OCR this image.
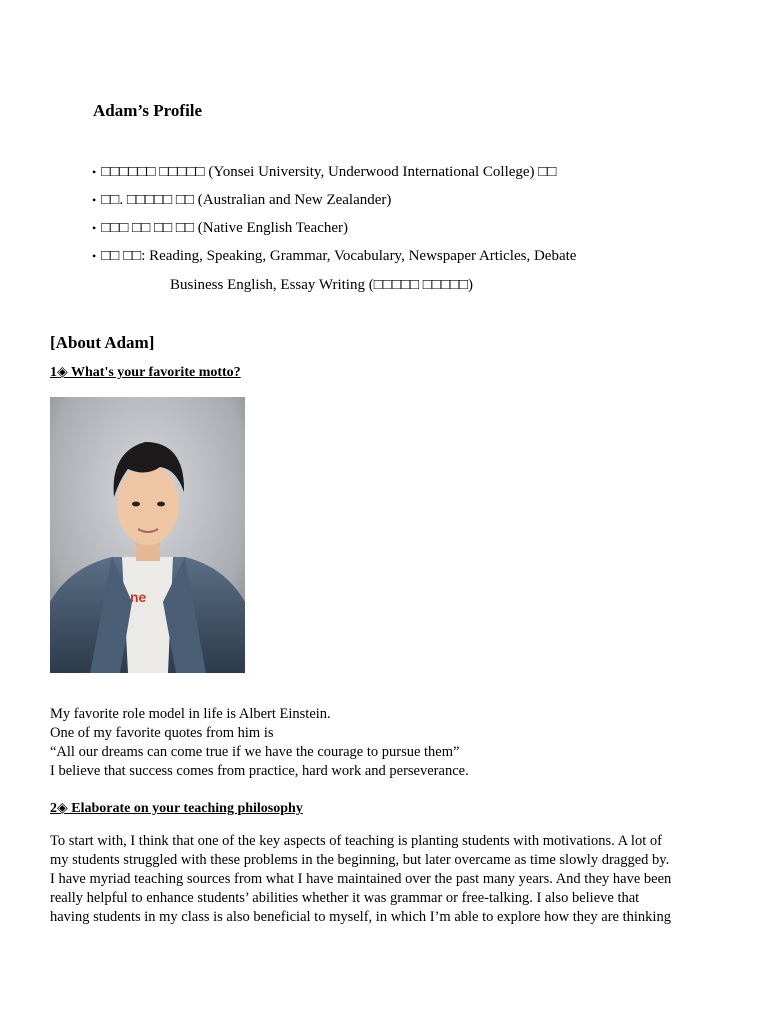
Adam’s Profile
• □□□□□□ □□□□□ (Yonsei University, Underwood International College) □□
• □□. □□□□□ □□ (Australian and New Zealander)
• □□□ □□ □□ □□ (Native English Teacher)
• □□ □□: Reading, Speaking, Grammar, Vocabulary, Newspaper Articles, Debate
Business English, Essay Writing (□□□□□ □□□□□)
[About Adam]
1◈ What's your favorite motto?
ne
My favorite role model in life is Albert Einstein.
One of my favorite quotes from him is
“All our dreams can come true if we have the courage to pursue them”
I believe that success comes from practice, hard work and perseverance.
2◈ Elaborate on your teaching philosophy
To start with, I think that one of the key aspects of teaching is planting students with motivations. A lot of
my students struggled with these problems in the beginning, but later overcame as time slowly dragged by.
I have myriad teaching sources from what I have maintained over the past many years. And they have been
really helpful to enhance students’ abilities whether it was grammar or free-talking. I also believe that
having students in my class is also beneficial to myself, in which I’m able to explore how they are thinking
